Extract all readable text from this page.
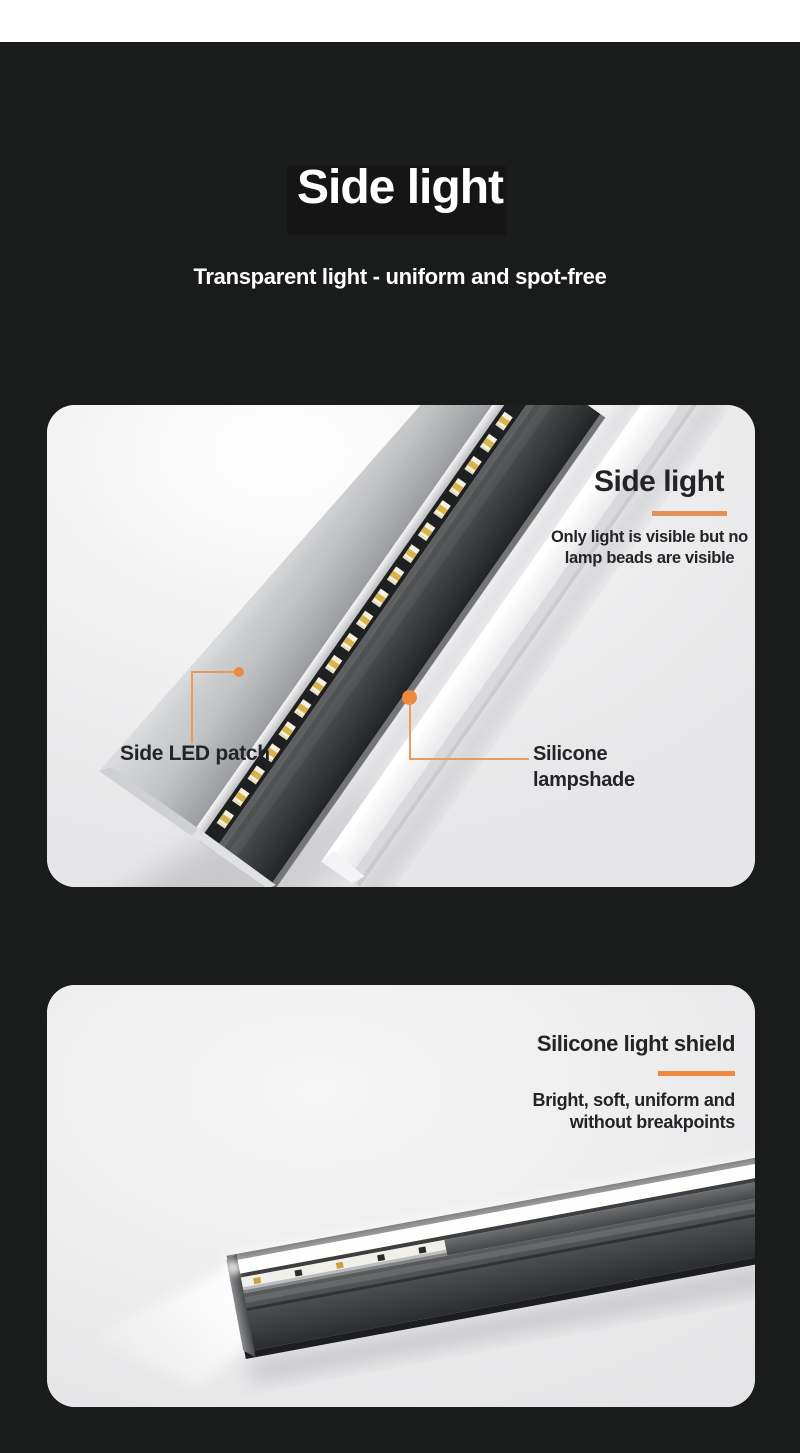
Side light
Transparent light - uniform and spot-free
Side light
Only light is visible but no
lamp beads are visible
Side LED patch	Silicone
lampshade
Silicone light shield
Bright, soft, uniform and
without breakpoints
